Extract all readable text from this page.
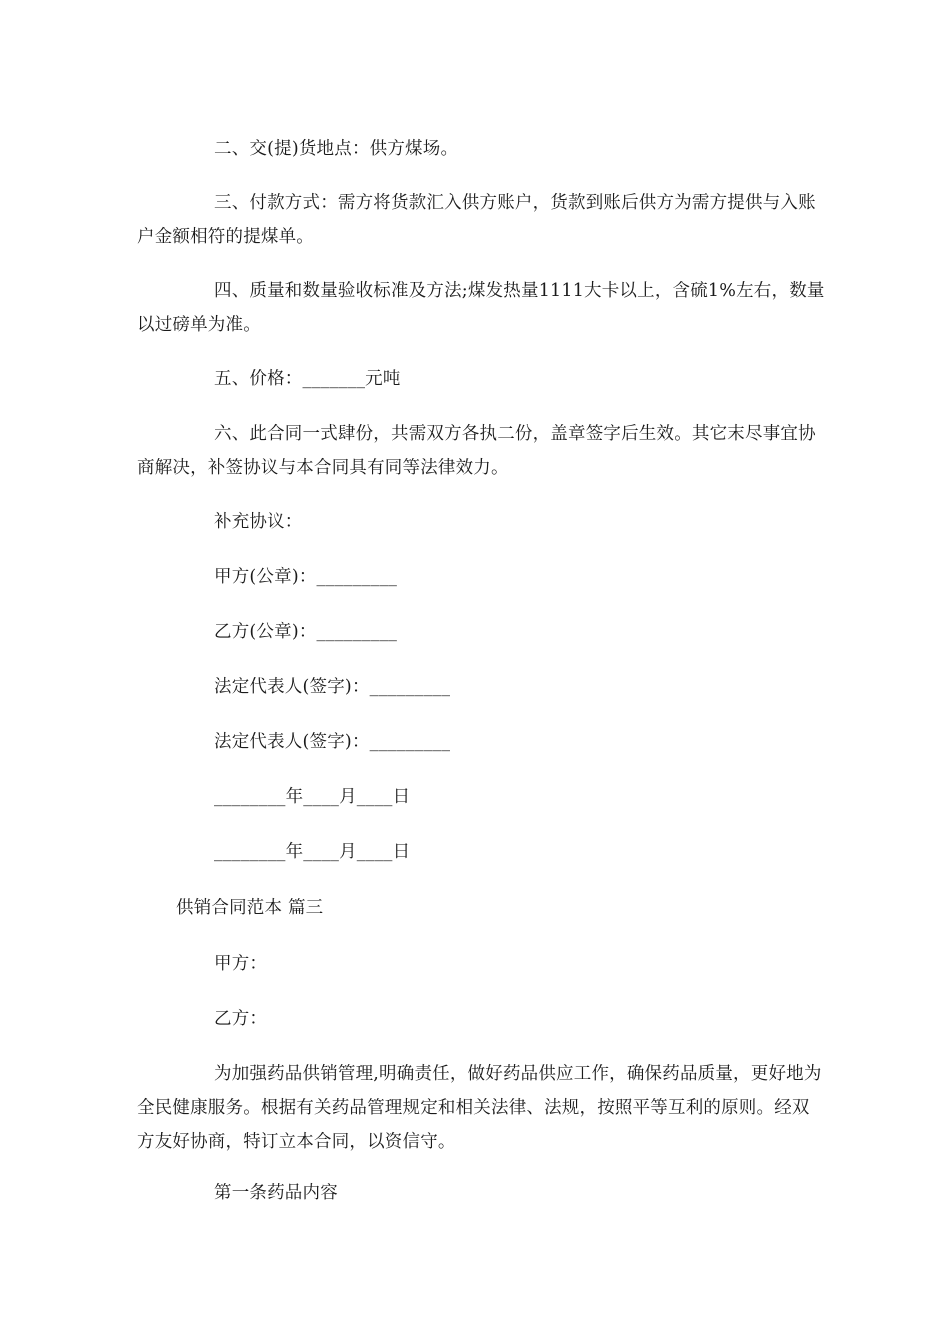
二、交(提)货地点：供方煤场。
三、付款方式：需方将货款汇入供方账户，货款到账后供方为需方提供与入账户金额相符的提煤单。
四、质量和数量验收标准及方法;煤发热量1111大卡以上，含硫1%左右，数量以过磅单为准。
五、价格：_______元吨
六、此合同一式肆份，共需双方各执二份，盖章签字后生效。其它末尽事宜协商解决，补签协议与本合同具有同等法律效力。
补充协议：
甲方(公章)：_________
乙方(公章)：_________
法定代表人(签字)：_________
法定代表人(签字)：_________
________年____月____日
________年____月____日
供销合同范本 篇三
甲方：
乙方：
为加强药品供销管理,明确责任，做好药品供应工作，确保药品质量，更好地为全民健康服务。根据有关药品管理规定和相关法律、法规，按照平等互利的原则。经双方友好协商，特订立本合同，以资信守。
第一条药品内容
